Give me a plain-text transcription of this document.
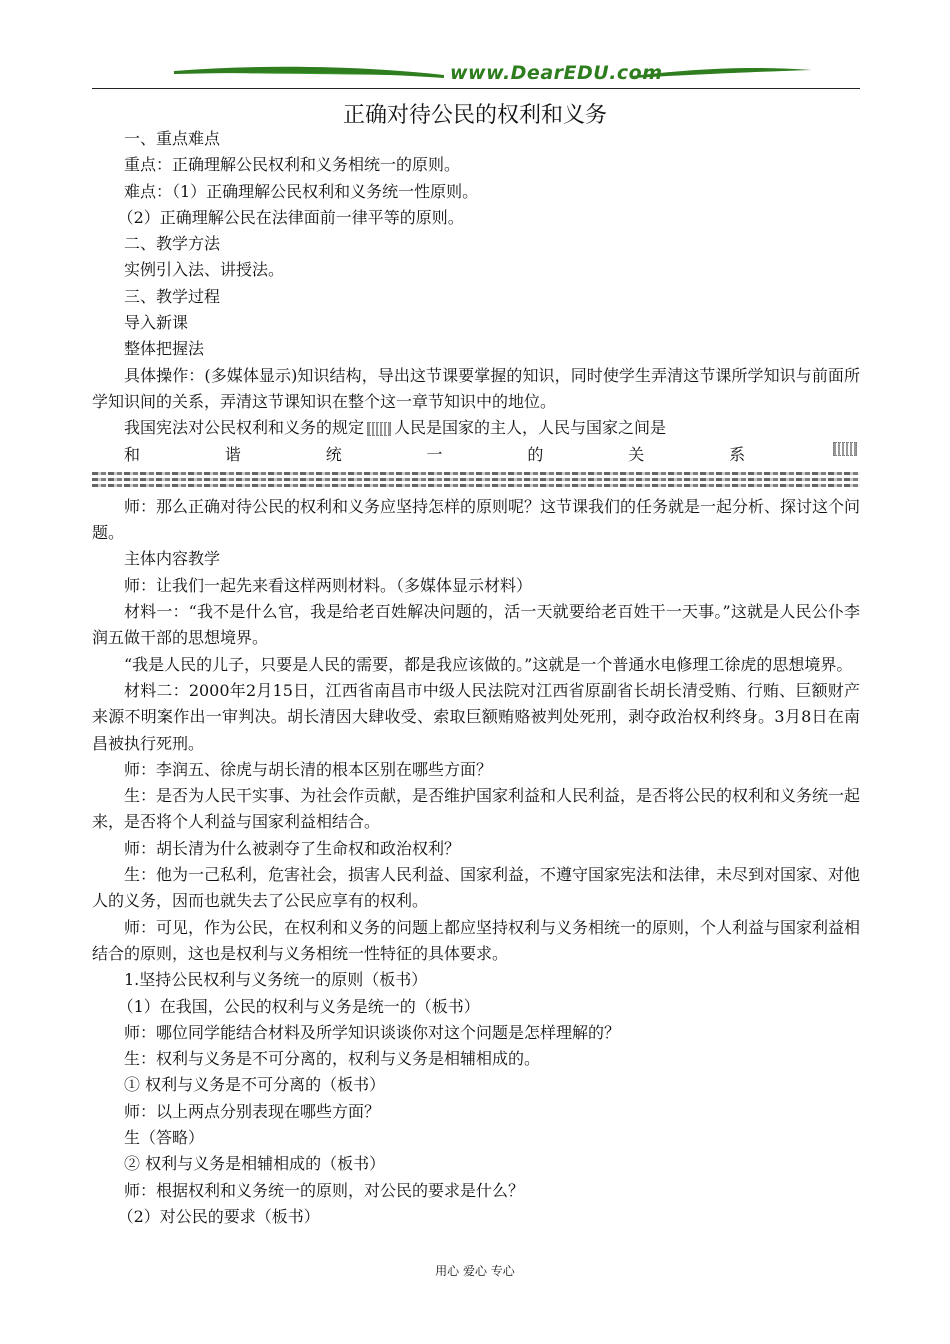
www.DearEDU.com
正确对待公民的权利和义务

一、重点难点

重点：正确理解公民权利和义务相统一的原则。

难点：（1）正确理解公民权利和义务统一性原则。

（2）正确理解公民在法律面前一律平等的原则。

二、教学方法

实例引入法、讲授法。

三、教学过程

导入新课

整体把握法

具体操作：(多媒体显示)知识结构，导出这节课要掌握的知识，同时使学生弄清这节课所学知识与前面所学知识间的关系，弄清这节课知识在整个这一章节知识中的地位。

我国宪法对公民权利和义务的规定 人民是国家的主人，人民与国家之间是

和	谐	统	一	的	关	系

师：那么正确对待公民的权利和义务应坚持怎样的原则呢？这节课我们的任务就是一起分析、探讨这个问题。

主体内容教学

师：让我们一起先来看这样两则材料。（多媒体显示材料）

材料一：“我不是什么官，我是给老百姓解决问题的，活一天就要给老百姓干一天事。”这就是人民公仆李润五做干部的思想境界。

“我是人民的儿子，只要是人民的需要，都是我应该做的。”这就是一个普通水电修理工徐虎的思想境界。

材料二：2000年2月15日，江西省南昌市中级人民法院对江西省原副省长胡长清受贿、行贿、巨额财产来源不明案作出一审判决。胡长清因大肆收受、索取巨额贿赂被判处死刑，剥夺政治权利终身。3月8日在南昌被执行死刑。

师：李润五、徐虎与胡长清的根本区别在哪些方面？

生：是否为人民干实事、为社会作贡献，是否维护国家利益和人民利益，是否将公民的权利和义务统一起来，是否将个人利益与国家利益相结合。

师：胡长清为什么被剥夺了生命权和政治权利？

生：他为一己私利，危害社会，损害人民利益、国家利益，不遵守国家宪法和法律，未尽到对国家、对他人的义务，因而也就失去了公民应享有的权利。

师：可见，作为公民，在权利和义务的问题上都应坚持权利与义务相统一的原则，个人利益与国家利益相结合的原则，这也是权利与义务相统一性特征的具体要求。

1.坚持公民权利与义务统一的原则（板书）

（1）在我国，公民的权利与义务是统一的（板书）

师：哪位同学能结合材料及所学知识谈谈你对这个问题是怎样理解的？

生：权利与义务是不可分离的，权利与义务是相辅相成的。

① 权利与义务是不可分离的（板书）

师：以上两点分别表现在哪些方面？

生（答略）

② 权利与义务是相辅相成的（板书）

师：根据权利和义务统一的原则，对公民的要求是什么？

（2）对公民的要求（板书）

用心 爱心 专心
